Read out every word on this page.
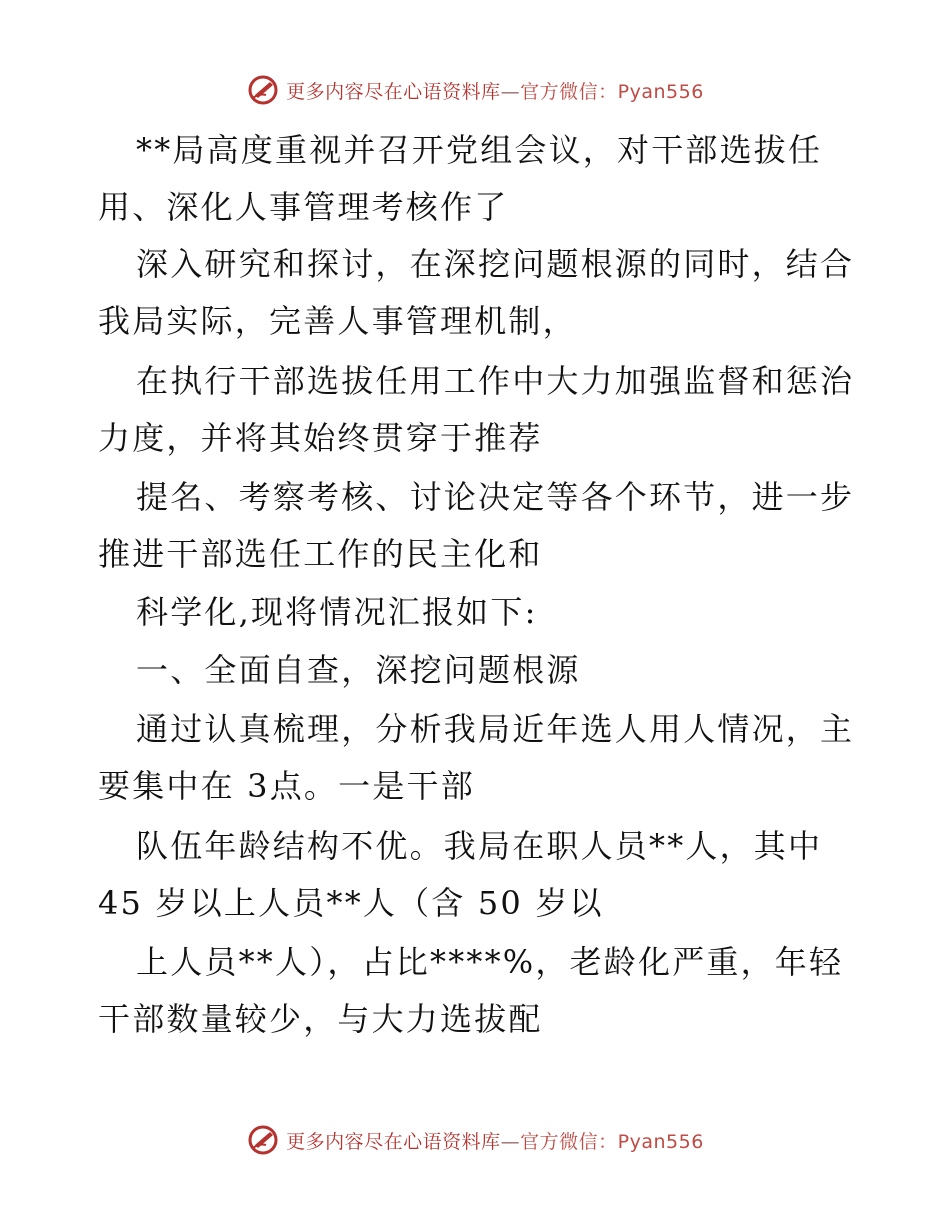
更多内容尽在心语资料库—官方微信：Pyan556
**局高度重视并召开党组会议，对干部选拔任
用、深化人事管理考核作了
深入研究和探讨，在深挖问题根源的同时，结合
我局实际，完善人事管理机制，
在执行干部选拔任用工作中大力加强监督和惩治
力度，并将其始终贯穿于推荐
提名、考察考核、讨论决定等各个环节，进一步
推进干部选任工作的民主化和
科学化,现将情况汇报如下:
一、全面自查，深挖问题根源
通过认真梳理，分析我局近年选人用人情况，主
要集中在 3点。一是干部
队伍年龄结构不优。我局在职人员**人，其中
45 岁以上人员**人（含 50 岁以
上人员**人），占比****%，老龄化严重，年轻
干部数量较少，与大力选拔配
更多内容尽在心语资料库—官方微信：Pyan556
